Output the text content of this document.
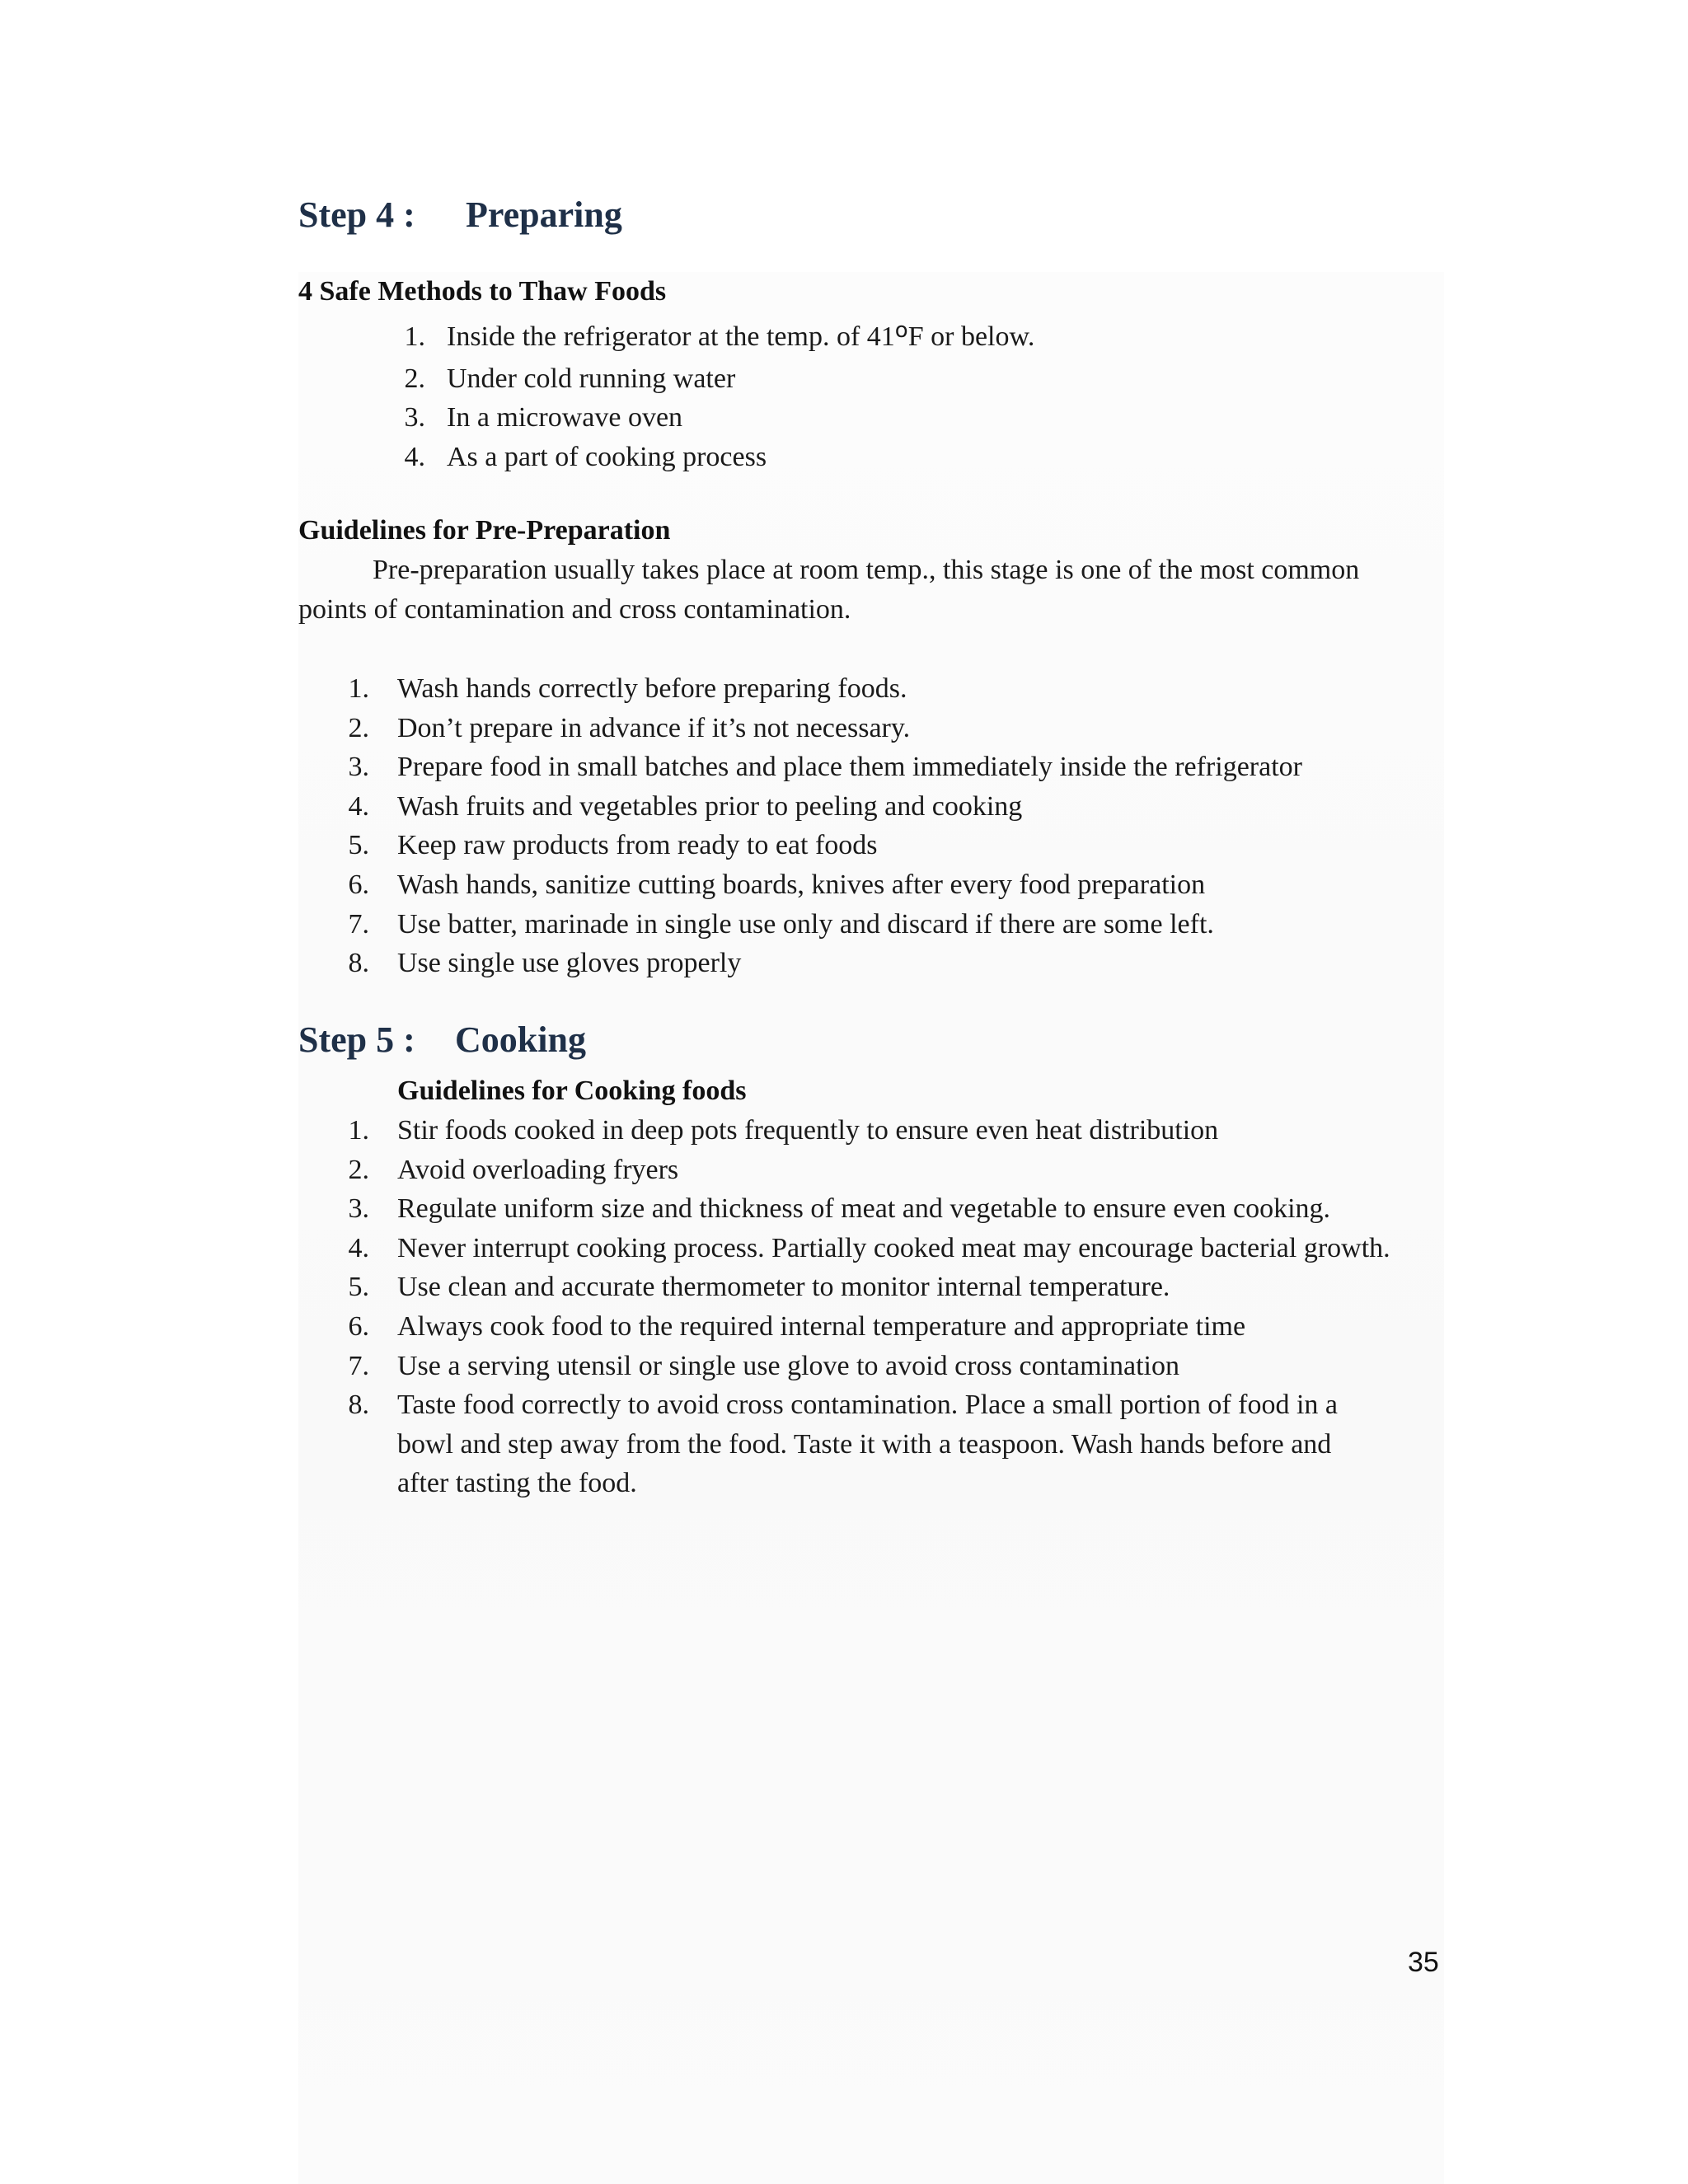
Step 4 : Preparing
4 Safe Methods to Thaw Foods
1. Inside the refrigerator at the temp. of 41$^o$F or below.
2. Under cold running water
3. In a microwave oven
4. As a part of cooking process
Guidelines for Pre-Preparation
Pre-preparation usually takes place at room temp., this stage is one of the most common
points of contamination and cross contamination.
1. Wash hands correctly before preparing foods.
2. Don’t prepare in advance if it’s not necessary.
3. Prepare food in small batches and place them immediately inside the refrigerator
4. Wash fruits and vegetables prior to peeling and cooking
5. Keep raw products from ready to eat foods
6. Wash hands, sanitize cutting boards, knives after every food preparation
7. Use batter, marinade in single use only and discard if there are some left.
8. Use single use gloves properly
Step 5 : Cooking
Guidelines for Cooking foods
1. Stir foods cooked in deep pots frequently to ensure even heat distribution
2. Avoid overloading fryers
3. Regulate uniform size and thickness of meat and vegetable to ensure even cooking.
4. Never interrupt cooking process. Partially cooked meat may encourage bacterial growth.
5. Use clean and accurate thermometer to monitor internal temperature.
6. Always cook food to the required internal temperature and appropriate time
7. Use a serving utensil or single use glove to avoid cross contamination
8. Taste food correctly to avoid cross contamination. Place a small portion of food in a
bowl and step away from the food. Taste it with a teaspoon. Wash hands before and
after tasting the food.
35
